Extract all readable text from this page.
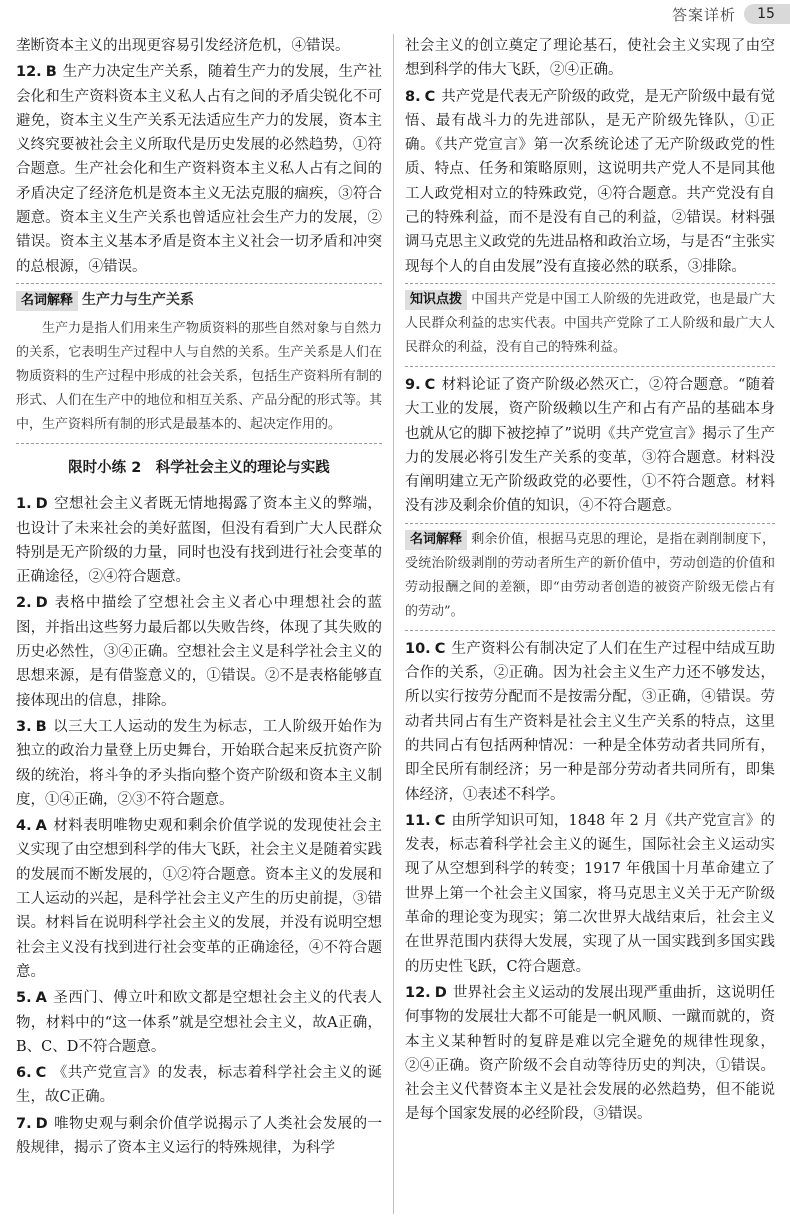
答案详析	15

垄断资本主义的出现更容易引发经济危机，④错误。

12. B 生产力决定生产关系，随着生产力的发展，生产社会化和生产资料资本主义私人占有之间的矛盾尖锐化不可避免，资本主义生产关系无法适应生产力的发展，资本主义终究要被社会主义所取代是历史发展的必然趋势，①符合题意。生产社会化和生产资料资本主义私人占有之间的矛盾决定了经济危机是资本主义无法克服的痼疾，③符合题意。资本主义生产关系也曾适应社会生产力的发展，②错误。资本主义基本矛盾是资本主义社会一切矛盾和冲突的总根源，④错误。

名词解释 生产力与生产关系

生产力是指人们用来生产物质资料的那些自然对象与自然力的关系，它表明生产过程中人与自然的关系。生产关系是人们在物质资料的生产过程中形成的社会关系，包括生产资料所有制的形式、人们在生产中的地位和相互关系、产品分配的形式等。其中，生产资料所有制的形式是最基本的、起决定作用的。

限时小练 2　科学社会主义的理论与实践

1. D 空想社会主义者既无情地揭露了资本主义的弊端，也设计了未来社会的美好蓝图，但没有看到广大人民群众特别是无产阶级的力量，同时也没有找到进行社会变革的正确途径，②④符合题意。

2. D 表格中描绘了空想社会主义者心中理想社会的蓝图，并指出这些努力最后都以失败告终，体现了其失败的历史必然性，③④正确。空想社会主义是科学社会主义的思想来源，是有借鉴意义的，①错误。②不是表格能够直接体现出的信息，排除。

3. B 以三大工人运动的发生为标志，工人阶级开始作为独立的政治力量登上历史舞台，开始联合起来反抗资产阶级的统治，将斗争的矛头指向整个资产阶级和资本主义制度，①④正确，②③不符合题意。

4. A 材料表明唯物史观和剩余价值学说的发现使社会主义实现了由空想到科学的伟大飞跃，社会主义是随着实践的发展而不断发展的，①②符合题意。资本主义的发展和工人运动的兴起，是科学社会主义产生的历史前提，③错误。材料旨在说明科学社会主义的发展，并没有说明空想社会主义没有找到进行社会变革的正确途径，④不符合题意。

5. A 圣西门、傅立叶和欧文都是空想社会主义的代表人物，材料中的“这一体系”就是空想社会主义，故A正确，B、C、D不符合题意。

6. C 《共产党宣言》的发表，标志着科学社会主义的诞生，故C正确。

7. D 唯物史观与剩余价值学说揭示了人类社会发展的一般规律，揭示了资本主义运行的特殊规律，为科学

社会主义的创立奠定了理论基石，使社会主义实现了由空想到科学的伟大飞跃，②④正确。

8. C 共产党是代表无产阶级的政党，是无产阶级中最有觉悟、最有战斗力的先进部队，是无产阶级先锋队，①正确。《共产党宣言》第一次系统论述了无产阶级政党的性质、特点、任务和策略原则，这说明共产党人不是同其他工人政党相对立的特殊政党，④符合题意。共产党没有自己的特殊利益，而不是没有自己的利益，②错误。材料强调马克思主义政党的先进品格和政治立场，与是否“主张实现每个人的自由发展”没有直接必然的联系，③排除。

知识点拨 中国共产党是中国工人阶级的先进政党，也是最广大人民群众利益的忠实代表。中国共产党除了工人阶级和最广大人民群众的利益，没有自己的特殊利益。

9. C 材料论证了资产阶级必然灭亡，②符合题意。“随着大工业的发展，资产阶级赖以生产和占有产品的基础本身也就从它的脚下被挖掉了”说明《共产党宣言》揭示了生产力的发展必将引发生产关系的变革，③符合题意。材料没有阐明建立无产阶级政党的必要性，①不符合题意。材料没有涉及剩余价值的知识，④不符合题意。

名词解释 剩余价值，根据马克思的理论，是指在剥削制度下，受统治阶级剥削的劳动者所生产的新价值中，劳动创造的价值和劳动报酬之间的差额，即“由劳动者创造的被资产阶级无偿占有的劳动”。

10. C 生产资料公有制决定了人们在生产过程中结成互助合作的关系，②正确。因为社会主义生产力还不够发达，所以实行按劳分配而不是按需分配，③正确，④错误。劳动者共同占有生产资料是社会主义生产关系的特点，这里的共同占有包括两种情况：一种是全体劳动者共同所有，即全民所有制经济；另一种是部分劳动者共同所有，即集体经济，①表述不科学。

11. C 由所学知识可知，1848 年 2 月《共产党宣言》的发表，标志着科学社会主义的诞生，国际社会主义运动实现了从空想到科学的转变；1917 年俄国十月革命建立了世界上第一个社会主义国家，将马克思主义关于无产阶级革命的理论变为现实；第二次世界大战结束后，社会主义在世界范围内获得大发展，实现了从一国实践到多国实践的历史性飞跃，C符合题意。

12. D 世界社会主义运动的发展出现严重曲折，这说明任何事物的发展壮大都不可能是一帆风顺、一蹴而就的，资本主义某种暂时的复辟是难以完全避免的规律性现象，②④正确。资产阶级不会自动等待历史的判决，①错误。社会主义代替资本主义是社会发展的必然趋势，但不能说是每个国家发展的必经阶段，③错误。
